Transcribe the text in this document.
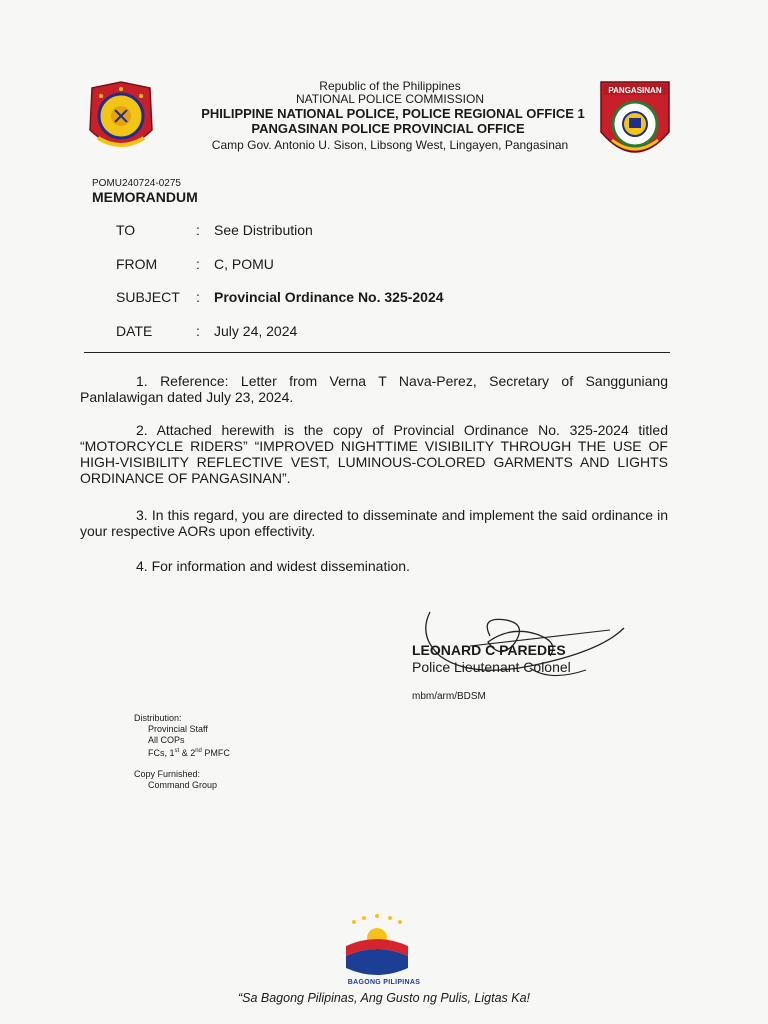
PANGASINAN
Republic of the Philippines
NATIONAL POLICE COMMISSION
PHILIPPINE NATIONAL POLICE, POLICE REGIONAL OFFICE 1
PANGASINAN POLICE PROVINCIAL OFFICE
Camp Gov. Antonio U. Sison, Libsong West, Lingayen, Pangasinan
POMU240724-0275
MEMORANDUM
TO	: See Distribution
FROM	: C, POMU
SUBJECT : Provincial Ordinance No. 325-2024
DATE	: July 24, 2024
1. Reference: Letter from Verna T Nava-Perez, Secretary of Sangguniang Panlalawigan dated July 23, 2024.
2. Attached herewith is the copy of Provincial Ordinance No. 325-2024 titled “MOTORCYCLE RIDERS” “IMPROVED NIGHTTIME VISIBILITY THROUGH THE USE OF HIGH-VISIBILITY REFLECTIVE VEST, LUMINOUS-COLORED GARMENTS AND LIGHTS ORDINANCE OF PANGASINAN”.
3. In this regard, you are directed to disseminate and implement the said ordinance in your respective AORs upon effectivity.
4. For information and widest dissemination.
LEONARD C PAREDES
Police Lieutenant Colonel
mbm/arm/BDSM
Distribution:
Provincial Staff
All COPs
FCs, 1st & 2nd PMFC
Copy Furnished:
Command Group
BAGONG PILIPINAS
“Sa Bagong Pilipinas, Ang Gusto ng Pulis, Ligtas Ka!
